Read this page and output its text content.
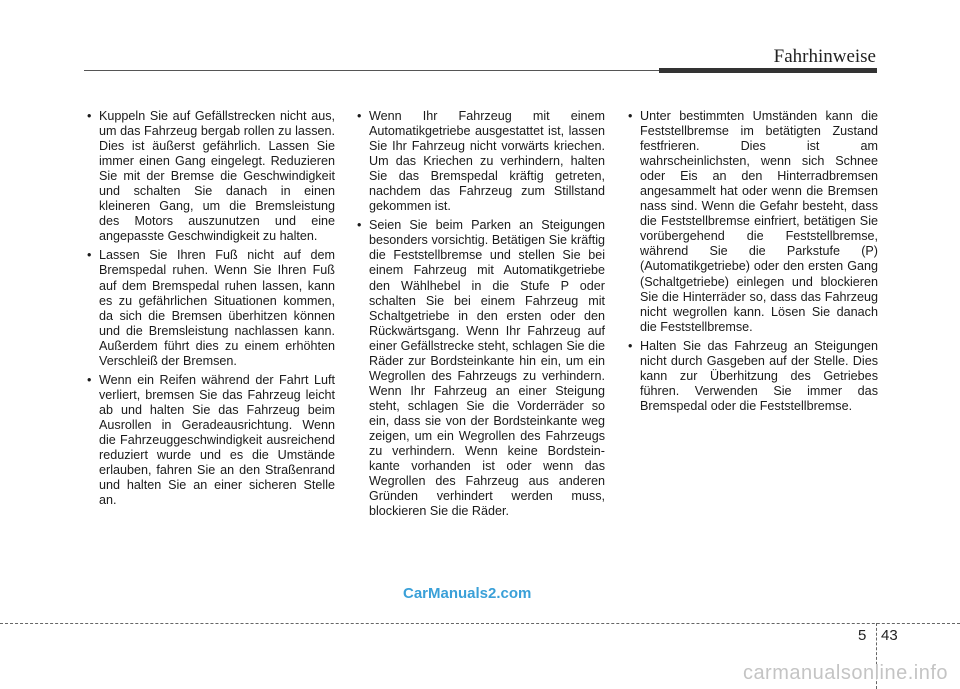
Fahrhinweise
• Kuppeln Sie auf Gefällstrecken nicht aus, um das Fahrzeug bergab rollen zu lassen. Dies ist äußerst gefährlich. Lassen Sie immer einen Gang eingelegt. Reduzieren Sie mit der Bremse die Geschwindigkeit und schalten Sie danach in einen kleineren Gang, um die Bremsleistung des Motors auszunutzen und eine angepasste Geschwindigkeit zu halten.
• Lassen Sie Ihren Fuß nicht auf dem Bremspedal ruhen. Wenn Sie Ihren Fuß auf dem Bremspedal ruhen lassen, kann es zu gefährlichen Situationen kommen, da sich die Bremsen überhitzen können und die Bremsleistung nachlassen kann. Außerdem führt dies zu einem erhöhten Verschleiß der Bremsen.
• Wenn ein Reifen während der Fahrt Luft verliert, bremsen Sie das Fahrzeug leicht ab und halten Sie das Fahrzeug beim Ausrollen in Geradeausrichtung. Wenn die Fahrzeuggeschwindigkeit ausreichend reduziert wurde und es die Umstände erlauben, fahren Sie an den Straßenrand und halten Sie an einer sicheren Stelle an.
• Wenn Ihr Fahrzeug mit einem Automatikgetriebe ausgestattet ist, lassen Sie Ihr Fahrzeug nicht vorwärts kriechen. Um das Kriechen zu verhindern, halten Sie das Bremspedal kräftig getreten, nachdem das Fahrzeug zum Stillstand gekommen ist.
• Seien Sie beim Parken an Steigungen besonders vorsichtig. Betätigen Sie kräftig die Feststellbremse und stellen Sie bei einem Fahrzeug mit Automatikgetriebe den Wählhebel in die Stufe P oder schalten Sie bei einem Fahrzeug mit Schaltgetriebe in den ersten oder den Rückwärtsgang. Wenn Ihr Fahrzeug auf einer Gefällstrecke steht, schlagen Sie die Räder zur Bordsteinkante hin ein, um ein Wegrollen des Fahrzeugs zu verhindern. Wenn Ihr Fahrzeug an einer Steigung steht, schlagen Sie die Vorderräder so ein, dass sie von der Bordsteinkante weg zeigen, um ein Wegrollen des Fahrzeugs zu verhindern. Wenn keine Bordstein-kante vorhanden ist oder wenn das Wegrollen des Fahrzeug aus anderen Gründen verhindert werden muss, blockieren Sie die Räder.
• Unter bestimmten Umständen kann die Feststellbremse im betätigten Zustand festfrieren. Dies ist am wahrscheinlichsten, wenn sich Schnee oder Eis an den Hinterradbremsen angesammelt hat oder wenn die Bremsen nass sind. Wenn die Gefahr besteht, dass die Feststellbremse einfriert, betätigen Sie vorübergehend die Feststellbremse, während Sie die Parkstufe (P) (Automatikgetriebe) oder den ersten Gang (Schaltgetriebe) einlegen und blockieren Sie die Hinterräder so, dass das Fahrzeug nicht wegrollen kann. Lösen Sie danach die Feststellbremse.
• Halten Sie das Fahrzeug an Steigungen nicht durch Gasgeben auf der Stelle. Dies kann zur Überhitzung des Getriebes führen. Verwenden Sie immer das Bremspedal oder die Feststellbremse.
CarManuals2.com
5 43
carmanualsonline.info
